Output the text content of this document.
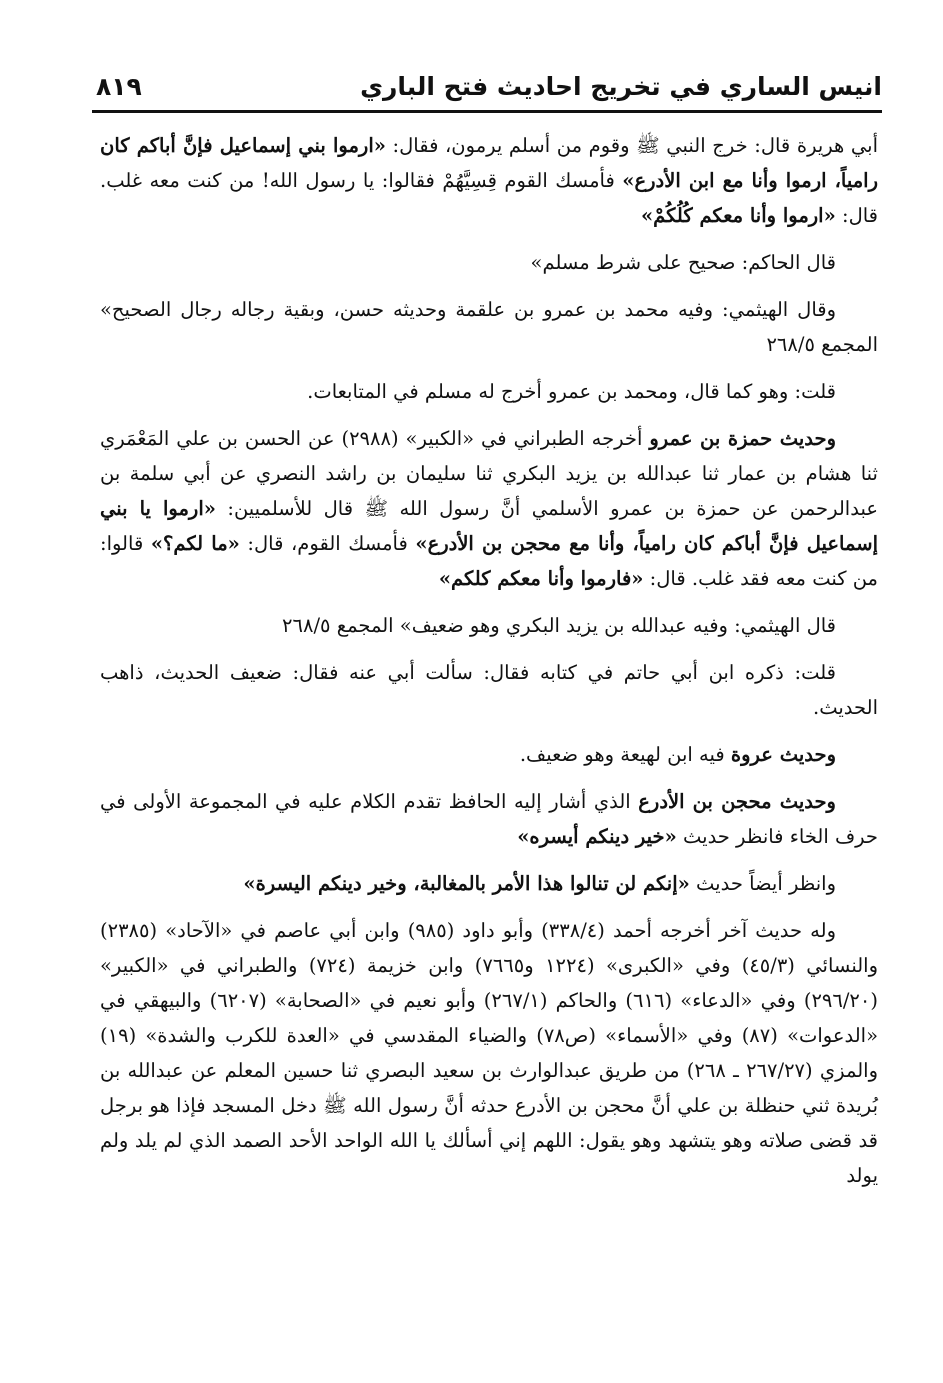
انيس الساري في تخريج احاديث فتح الباري
٨١٩

أبي هريرة قال: خرج النبي ﷺ وقوم من أسلم يرمون، فقال: «ارموا بني إسماعيل فإنَّ أباكم كان رامياً، ارموا وأنا مع ابن الأدرع» فأمسك القوم قِسِيَّهُمْ فقالوا: يا رسول الله! من كنت معه غلب. قال: «ارموا وأنا معكم كُلُكُمْ»

قال الحاكم: صحيح على شرط مسلم»

وقال الهيثمي: وفيه محمد بن عمرو بن علقمة وحديثه حسن، وبقية رجاله رجال الصحيح» المجمع ٢٦٨/٥

قلت: وهو كما قال، ومحمد بن عمرو أخرج له مسلم في المتابعات.

وحديث حمزة بن عمرو أخرجه الطبراني في «الكبير» (٢٩٨٨) عن الحسن بن علي المَعْمَري ثنا هشام بن عمار ثنا عبدالله بن يزيد البكري ثنا سليمان بن راشد النصري عن أبي سلمة بن عبدالرحمن عن حمزة بن عمرو الأسلمي أنَّ رسول الله ﷺ قال للأسلميين: «ارموا يا بني إسماعيل فإنَّ أباكم كان رامياً، وأنا مع محجن بن الأدرع» فأمسك القوم، قال: «ما لكم؟» قالوا: من كنت معه فقد غلب. قال: «فارموا وأنا معكم كلكم»

قال الهيثمي: وفيه عبدالله بن يزيد البكري وهو ضعيف» المجمع ٢٦٨/٥

قلت: ذكره ابن أبي حاتم في كتابه فقال: سألت أبي عنه فقال: ضعيف الحديث، ذاهب الحديث.

وحديث عروة فيه ابن لهيعة وهو ضعيف.

وحديث محجن بن الأدرع الذي أشار إليه الحافظ تقدم الكلام عليه في المجموعة الأولى في حرف الخاء فانظر حديث «خير دينكم أيسره»

وانظر أيضاً حديث «إنكم لن تنالوا هذا الأمر بالمغالبة، وخير دينكم اليسرة»

وله حديث آخر أخرجه أحمد (٣٣٨/٤) وأبو داود (٩٨٥) وابن أبي عاصم في «الآحاد» (٢٣٨٥) والنسائي (٤٥/٣) وفي «الكبرى» (١٢٢٤ و٧٦٦٥) وابن خزيمة (٧٢٤) والطبراني في «الكبير» (٢٩٦/٢٠) وفي «الدعاء» (٦١٦) والحاكم (٢٦٧/١) وأبو نعيم في «الصحابة» (٦٢٠٧) والبيهقي في «الدعوات» (٨٧) وفي «الأسماء» (ص٧٨) والضياء المقدسي في «العدة للكرب والشدة» (١٩) والمزي (٢٦٧/٢٧ ـ ٢٦٨) من طريق عبدالوارث بن سعيد البصري ثنا حسين المعلم عن عبدالله بن بُريدة ثني حنظلة بن علي أنَّ محجن بن الأدرع حدثه أنَّ رسول الله ﷺ دخل المسجد فإذا هو برجل قد قضى صلاته وهو يتشهد وهو يقول: اللهم إني أسألك يا الله الواحد الأحد الصمد الذي لم يلد ولم يولد
